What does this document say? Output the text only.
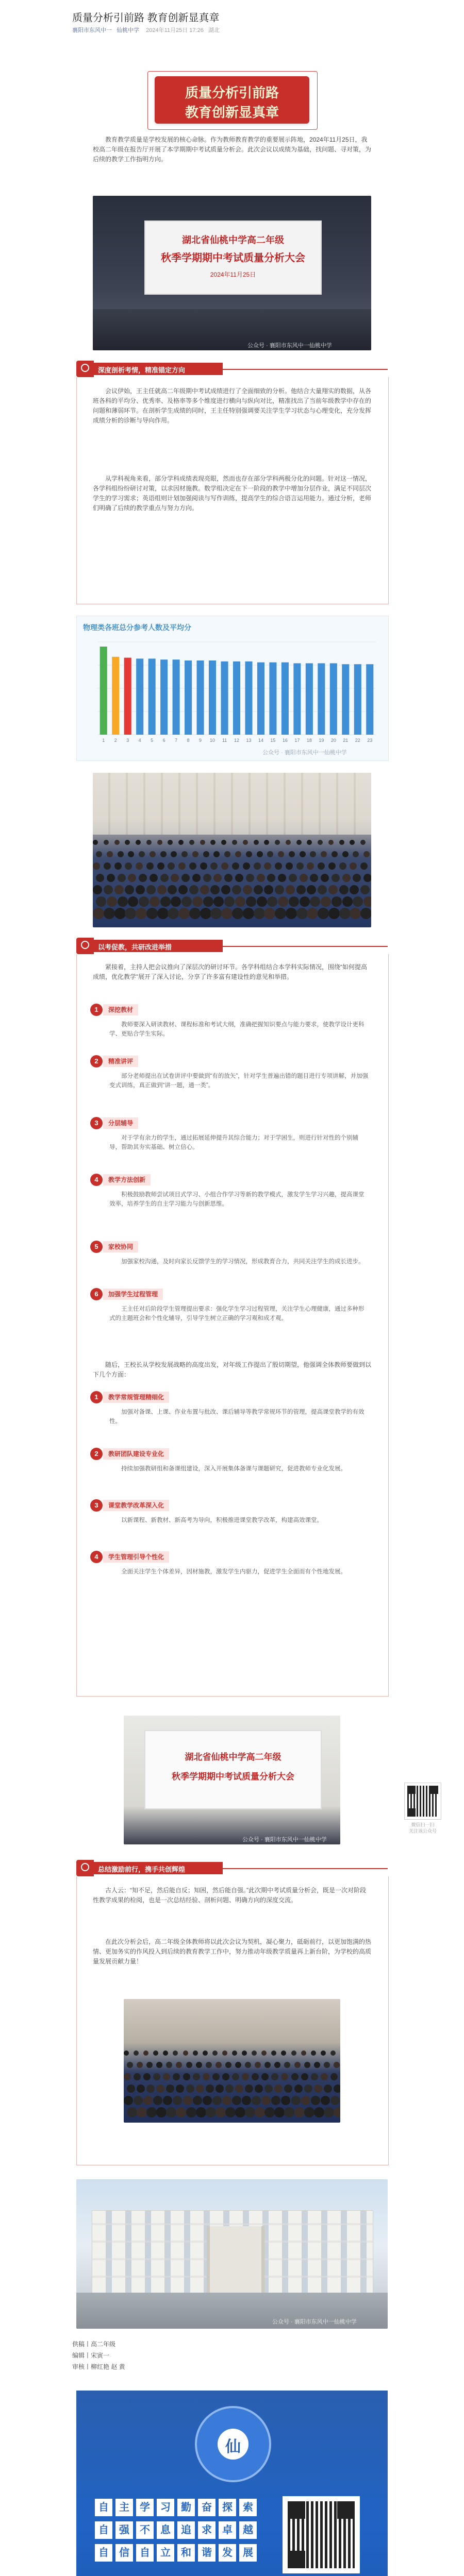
质量分析引前路 教育创新显真章
襄阳市东风中一 仙桃中学 2024年11月25日 17:26 湖北
质量分析引前路
教育创新显真章
教育教学质量是学校发展的核心命脉。作为教师教育教学的重要展示阵地，2024年11月25日，我校高二年级在报告厅开展了本学期期中考试质量分析会。此次会议以成绩为基础，找问题、寻对策，为后续的教学工作指明方向。
湖北省仙桃中学高二年级
秋季学期期中考试质量分析大会
2024年11月25日
公众号 · 襄阳市东风中一仙桃中学
深度剖析考情，精准锚定方向
会议伊始，王主任就高二年级期中考试成绩进行了全面细致的分析。他结合大量翔实的数据，从各班各科的平均分、优秀率、及格率等多个维度进行横向与纵向对比，精准找出了当前年级教学中存在的问题和薄弱环节。在剖析学生成绩的同时，王主任特别强调要关注学生学习状态与心理变化，充分发挥成绩分析的诊断与导向作用。
从学科视角来看，部分学科成绩表现亮眼，然而也存在部分学科两极分化的问题。针对这一情况，各学科组纷纷研讨对策，以求因材施教。数学组决定在下一阶段的教学中增加分层作业，满足不同层次学生的学习需求；英语组则计划加强阅读与写作训练，提高学生的综合语言运用能力。通过分析，老师们明确了后续的教学重点与努力方向。
物理类各班总分参考人数及平均分
1 2 3 4 5 6 7 8 9 10 11 12 13 14 15 16 17 18 19 20 21 22 23
公众号 · 襄阳市东风中一仙桃中学
以考促教，共研改进举措
紧接着，主持人把会议推向了深层次的研讨环节。各学科组结合本学科实际情况，围绕“如何提高成绩，优化教学”展开了深入讨论，分享了许多富有建设性的意见和举措。
1	深挖教材
教师要深入研读教材、课程标准和考试大纲，准确把握知识要点与能力要求，使教学设计更科学、更贴合学生实际。
2	精准讲评
部分老师提出在试卷讲评中要做到“有的放矢”，针对学生普遍出错的题目进行专项讲解，并加强变式训练，真正做到“讲一题，通一类”。
3	分层辅导
对于学有余力的学生，通过拓展延伸提升其综合能力；对于学困生，则进行针对性的个别辅导，帮助其夯实基础、树立信心。
4	教学方法创新
积极鼓励教师尝试项目式学习、小组合作学习等新的教学模式，激发学生学习兴趣，提高课堂效率，培养学生的自主学习能力与创新思维。
5	家校协同
加强家校沟通，及时向家长反馈学生的学习情况，形成教育合力，共同关注学生的成长进步。
6	加强学生过程管理
王主任对后阶段学生管理提出要求：强化学生学习过程管理，关注学生心理健康，通过多种形式的主题班会和个性化辅导，引导学生树立正确的学习观和成才观。
随后，王校长从学校发展战略的高度出发，对年级工作提出了殷切期望，他强调全体教师要做到以下几个方面：
1	教学常规管理精细化
加强对备课、上课、作业布置与批改、课后辅导等教学常规环节的管理，提高课堂教学的有效性。
2	教研团队建设专业化
持续加强教研组和备课组建设，深入开展集体备课与课题研究，促进教师专业化发展。
3	课堂教学改革深入化
以新课程、新教材、新高考为导向，积极推进课堂教学改革，构建高效课堂。
4	学生管理引导个性化
全面关注学生个体差异，因材施教，激发学生内驱力，促进学生全面而有个性地发展。
湖北省仙桃中学高二年级
秋季学期期中考试质量分析大会
公众号 · 襄阳市东风中一仙桃中学
总结激励前行，携手共创辉煌
古人云：“知不足，然后能自反；知困，然后能自强。”此次期中考试质量分析会，既是一次对阶段性教学成果的检阅，也是一次总结经验、剖析问题、明确方向的深度交流。
在此次分析会后，高二年级全体教师将以此次会议为契机，凝心聚力，砥砺前行，以更加饱满的热情、更加务实的作风投入到后续的教育教学工作中，努力推动年级教学质量再上新台阶，为学校的高质量发展贡献力量！
公众号 · 襄阳市东风中一仙桃中学
供稿丨高二年级
编辑丨宋寅一
审核丨柳红艳 赵 黄
仙
自	主	学	习	勤	奋	探	索
自	强	不	息	追	求	卓	越
自	信	自	立	和	谐	发	展
微信扫一扫
关注该公众号
